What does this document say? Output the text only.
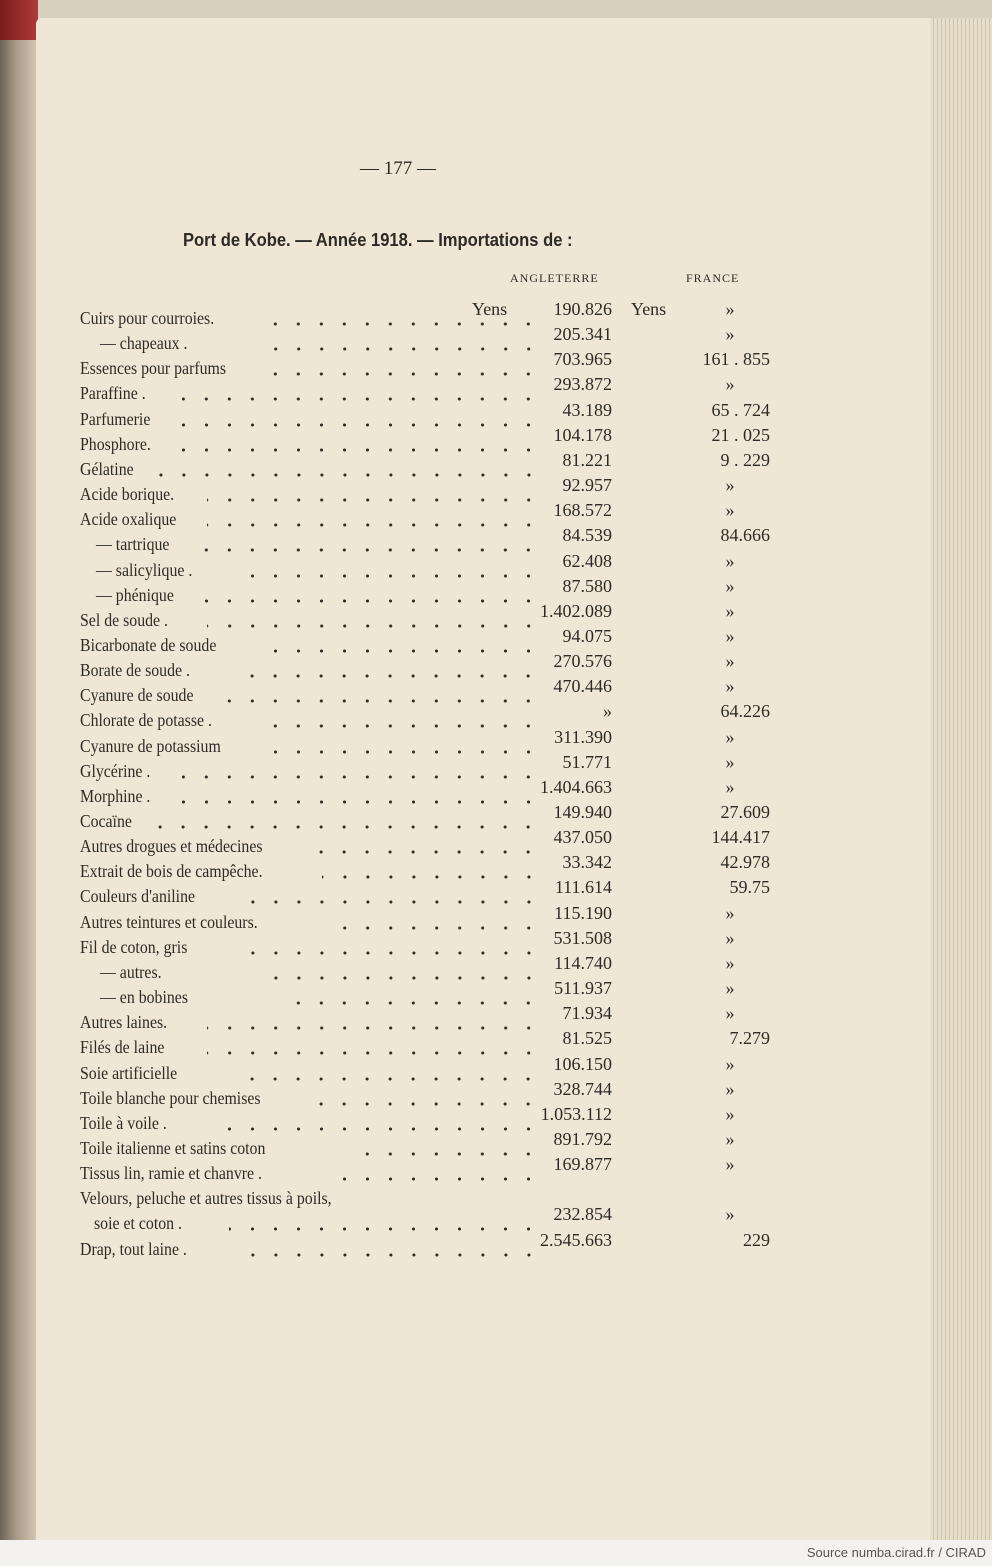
— 177 —
Port de Kobe. — Année 1918. — Importations de :
ANGLETERRE	FRANCE
Cuirs pour courroies.	190.826	»
Yens	Yens
— chapeaux .	205.341	»
Essences pour parfums	703.965	161 . 855
Paraffine .	293.872	»
Parfumerie	43.189	65 . 724
Phosphore.	104.178	21 . 025
Gélatine	81.221	9 . 229
Acide borique.	92.957	»
Acide oxalique	168.572	»
— tartrique	84.539	84.666
— salicylique .	62.408	»
— phénique	87.580	»
Sel de soude .	1.402.089	»
Bicarbonate de soude	94.075	»
Borate de soude .	270.576	»
Cyanure de soude	470.446	»
Chlorate de potasse .	»	64.226
Cyanure de potassium	311.390	»
Glycérine .	51.771	»
Morphine .	1.404.663	»
Cocaïne	149.940	27.609
Autres drogues et médecines	437.050	144.417
Extrait de bois de campêche.	33.342	42.978
Couleurs d'aniline	111.614	59.75
Autres teintures et couleurs.	115.190	»
Fil de coton, gris	531.508	»
— autres.	114.740	»
— en bobines	511.937	»
Autres laines.	71.934	»
Filés de laine	81.525	7.279
Soie artificielle	106.150	»
Toile blanche pour chemises	328.744	»
Toile à voile .	1.053.112	»
Toile italienne et satins coton	891.792	»
Tissus lin, ramie et chanvre .	169.877	»
Velours, peluche et autres tissus à poils,
soie et coton .	232.854	»
Drap, tout laine .	2.545.663	229
Source numba.cirad.fr / CIRAD
